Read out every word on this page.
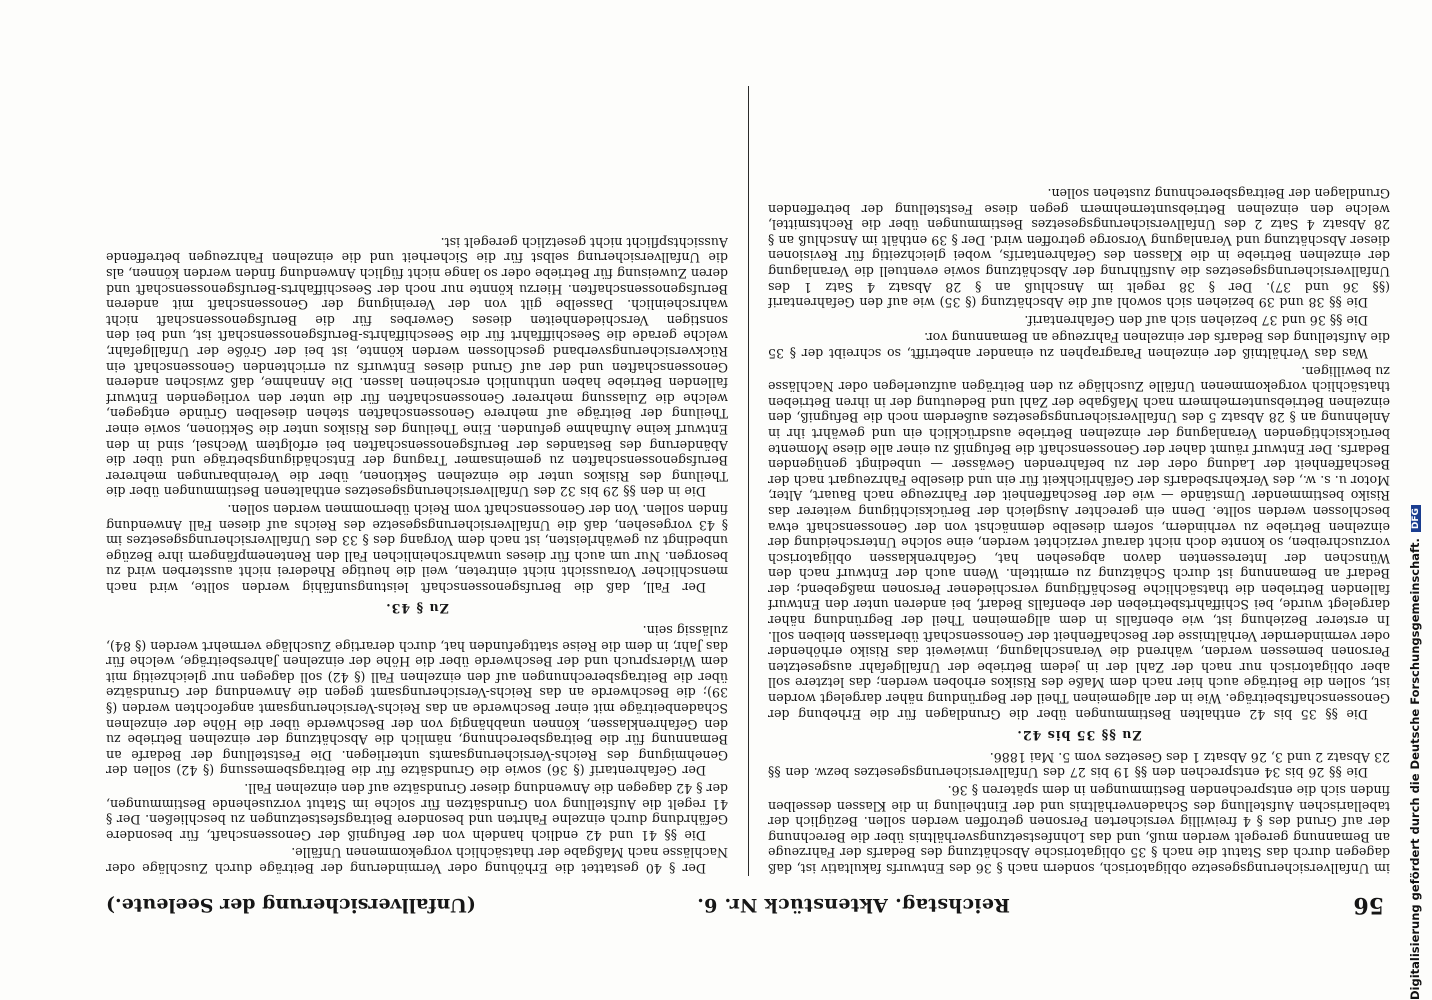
56
Reichstag. Aktenstück Nr. 6.
(Unfallversicherung der Seeleute.)

im Unfallversicherungsgesetze obligatorisch, sondern nach § 36 des Entwurfs fakultativ ist, daß dagegen durch das Statut die nach § 35 obligatorische Abschätzung des Bedarfs der Fahrzeuge an Bemannung geregelt werden muß, und das Lohnfestsetzungsverhältnis über die Berechnung der auf Grund des § 4 freiwillig versicherten Personen getroffen werden sollen. Bezüglich der tabellarischen Aufstellung des Schadenverhältnis und der Eintheilung in die Klassen desselben finden sich die entsprechenden Bestimmungen in dem späteren § 36.

Die §§ 26 bis 34 entsprechen den §§ 19 bis 27 des Unfallversicherungsgesetzes bezw. den §§ 23 Absatz 2 und 3, 26 Absatz 1 des Gesetzes vom 5. Mai 1886.

Zu §§ 35 bis 42.

Die §§ 35 bis 42 enthalten Bestimmungen über die Grundlagen für die Erhebung der Genossenschaftsbeiträge. Wie in der allgemeinen Theil der Begründung näher dargelegt worden ist, sollen die Beiträge auch hier nach dem Maße des Risikos erhoben werden; das letztere soll aber obligatorisch nur nach der Zahl der in jedem Betriebe der Unfallgefahr ausgesetzten Personen bemessen werden, während die Veranschlagung, inwieweit das Risiko erhöhender oder vermindernder Verhältnisse der Beschaffenheit der Genossenschaft überlassen bleiben soll. In ersterer Beziehung ist, wie ebenfalls in dem allgemeinen Theil der Begründung näher dargelegt wurde, bei Schiffahrtsbetrieben der ebenfalls Bedarf, bei anderen unter den Entwurf fallenden Betrieben die thatsächliche Beschäftigung verschiedener Personen maßgebend; der Bedarf an Bemannung ist durch Schätzung zu ermitteln. Wenn auch der Entwurf nach den Wünschen der Interessenten davon abgesehen hat, Gefahrenklassen obligatorisch vorzuschreiben, so konnte doch nicht darauf verzichtet werden, eine solche Unterscheidung der einzelnen Betriebe zu verhindern, sofern dieselbe demnächst von der Genossenschaft etwa beschlossen werden sollte. Denn ein gerechter Ausgleich der Berücksichtigung weiterer das Risiko bestimmender Umstände — wie der Beschaffenheit der Fahrzeuge nach Bauart, Alter, Motor u. s. w., des Verkehrsbedarfs der Gefährlichkeit für ein und dieselbe Fahrzeugart nach der Beschaffenheit der Ladung oder der zu befahrenden Gewässer — unbedingt genügenden Bedarfs. Der Entwurf räumt daher der Genossenschaft die Befugniß zu einer alle diese Momente berücksichtigenden Veranlagung der einzelnen Betriebe ausdrücklich ein und gewährt ihr in Anlehnung an § 28 Absatz 5 des Unfallversicherungsgesetzes außerdem noch die Befugniß, den einzelnen Betriebsunternehmern nach Maßgabe der Zahl und Bedeutung der in ihren Betrieben thatsächlich vorgekommenen Unfälle Zuschläge zu den Beiträgen aufzuerlegen oder Nachlässe zu bewilligen.

Was das Verhältniß der einzelnen Paragraphen zu einander anbetrifft, so schreibt der § 35 die Aufstellung des Bedarfs der einzelnen Fahrzeuge an Bemannung vor.

Die §§ 36 und 37 beziehen sich auf den Gefahrentarif.

Die §§ 38 und 39 beziehen sich sowohl auf die Abschätzung (§ 35) wie auf den Gefahrentarif (§§ 36 und 37). Der § 38 regelt im Anschluß an § 28 Absatz 4 Satz 1 des Unfallversicherungsgesetzes die Ausführung der Abschätzung sowie eventuell die Veranlagung der einzelnen Betriebe in die Klassen des Gefahrentarifs, wobei gleichzeitig für Revisionen dieser Abschätzung und Veranlagung Vorsorge getroffen wird. Der § 39 enthält im Anschluß an § 28 Absatz 4 Satz 2 des Unfallversicherungsgesetzes Bestimmungen über die Rechtsmittel, welche den einzelnen Betriebsunternehmern gegen diese Feststellung der betreffenden Grundlagen der Beitragsberechnung zustehen sollen.

Der § 40 gestattet die Erhöhung oder Verminderung der Beiträge durch Zuschläge oder Nachlässe nach Maßgabe der thatsächlich vorgekommenen Unfälle.

Die §§ 41 und 42 endlich handeln von der Befugniß der Genossenschaft, für besondere Gefährdung durch einzelne Fahrten und besondere Beitragsfestsetzungen zu beschließen. Der § 41 regelt die Aufstellung von Grundsätzen für solche im Statut vorzusehende Bestimmungen, der § 42 dagegen die Anwendung dieser Grundsätze auf den einzelnen Fall.

Der Gefahrentarif (§ 36) sowie die Grundsätze für die Beitragsbemessung (§ 42) sollen der Genehmigung des Reichs-Versicherungsamts unterliegen. Die Feststellung der Bedarfe an Bemannung für die Beitragsberechnung, nämlich die Abschätzung der einzelnen Betriebe zu den Gefahrenklassen, können unabhängig von der Beschwerde über die Höhe der einzelnen Schadenbeiträge mit einer Beschwerde an das Reichs-Versicherungsamt angefochten werden (§ 39); die Beschwerde an das Reichs-Versicherungsamt gegen die Anwendung der Grundsätze über die Beitragsberechnungen auf den einzelnen Fall (§ 42) soll dagegen nur gleichzeitig mit dem Widerspruch und der Beschwerde über die Höhe der einzelnen Jahresbeiträge, welche für das Jahr, in dem die Reise stattgefunden hat, durch derartige Zuschläge vermehrt werden (§ 84), zulässig sein.

Zu § 43.

Der Fall, daß die Berufsgenossenschaft leistungsunfähig werden sollte, wird nach menschlicher Voraussicht nicht eintreten, weil die heutige Rhederei nicht aussterben wird zu besorgen. Nur um auch für dieses unwahrscheinlichen Fall den Rentenempfängern ihre Bezüge unbedingt zu gewährleisten, ist nach dem Vorgang des § 33 des Unfallversicherungsgesetzes im § 43 vorgesehen, daß die Unfallversicherungsgesetze des Reichs auf diesen Fall Anwendung finden sollen. Von der Genossenschaft vom Reich übernommen werden sollen.

Die in den §§ 29 bis 32 des Unfallversicherungsgesetzes enthaltenen Bestimmungen über die Theilung des Risikos unter die einzelnen Sektionen, über die Vereinbarungen mehrerer Berufsgenossenschaften zu gemeinsamer Tragung der Entschädigungsbeträge und über die Abänderung des Bestandes der Berufsgenossenschaften bei erfolgtem Wechsel, sind in den Entwurf keine Aufnahme gefunden. Eine Theilung des Risikos unter die Sektionen, sowie einer Theilung der Beiträge auf mehrere Genossenschaften stehen dieselben Gründe entgegen, welche die Zulassung mehrerer Genossenschaften für die unter den vorliegenden Entwurf fallenden Betriebe haben unthunlich erscheinen lassen. Die Annahme, daß zwischen anderen Genossenschaften und der auf Grund dieses Entwurfs zu errichtenden Genossenschaft ein Rückversicherungsverband geschlossen werden könnte, ist bei der Größe der Unfallgefahr, welche gerade die Seeschifffahrt für die Seeschiffahrts-Berufsgenossenschaft ist, und bei den sonstigen Verschiedenheiten dieses Gewerbes für die Berufsgenossenschaft nicht wahrscheinlich. Dasselbe gilt von der Vereinigung der Genossenschaft mit anderen Berufsgenossenschaften. Hierzu könnte nur noch der Seeschiffahrts-Berufsgenossenschaft und deren Zuweisung für Betriebe oder so lange nicht füglich Anwendung finden werden können, als die Unfallversicherung selbst für die Sicherheit und die einzelnen Fahrzeugen betreffende Aussichtspflicht nicht gesetzlich geregelt ist.

Digitalisierung gefördert durch die Deutsche Forschungsgemeinschaft.DFG
